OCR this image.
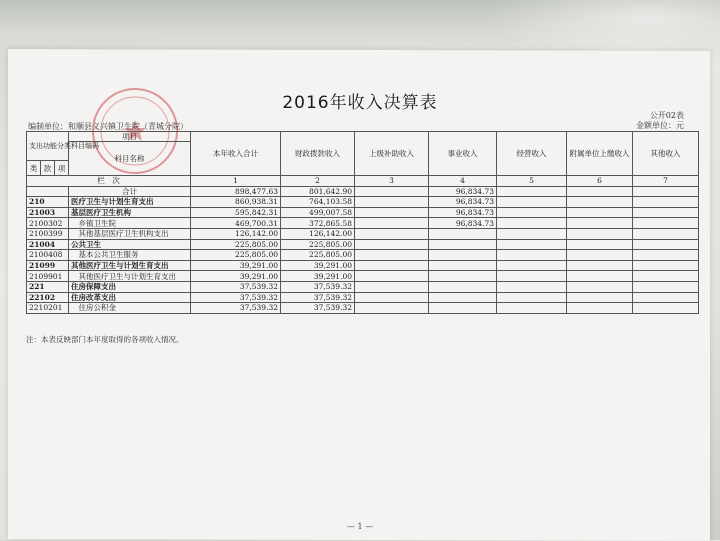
2016年收入决算表
公开02表
金额单位：元
编制单位：和顺县义兴镇卫生院（青城分院）
支出功能分类科目编码			项目	本年收入合计	财政拨款收入	上级补助收入	事业收入	经营收入	附属单位上缴收入	其他收入
			科目名称							
类	款	项								
栏　次				1	2	3	4	5	6	7
			合计	898,477.63	801,642.90		96,834.73			
210			医疗卫生与计划生育支出	860,938.31	764,103.58		96,834.73			
21003			基层医疗卫生机构	595,842.31	499,007.58		96,834.73			
2100302			　乡镇卫生院	469,700.31	372,865.58		96,834.73			
2100399			　其他基层医疗卫生机构支出	126,142.00	126,142.00					
21004			公共卫生	225,805.00	225,805.00					
2100408			　基本公共卫生服务	225,805.00	225,805.00					
21099			其他医疗卫生与计划生育支出	39,291.00	39,291.00					
2109901			　其他医疗卫生与计划生育支出	39,291.00	39,291.00					
221			住房保障支出	37,539.32	37,539.32					
22102			住房改革支出	37,539.32	37,539.32					
2210201			　住房公积金	37,539.32	37,539.32					
注：本表反映部门本年度取得的各项收入情况。
— 1 —
